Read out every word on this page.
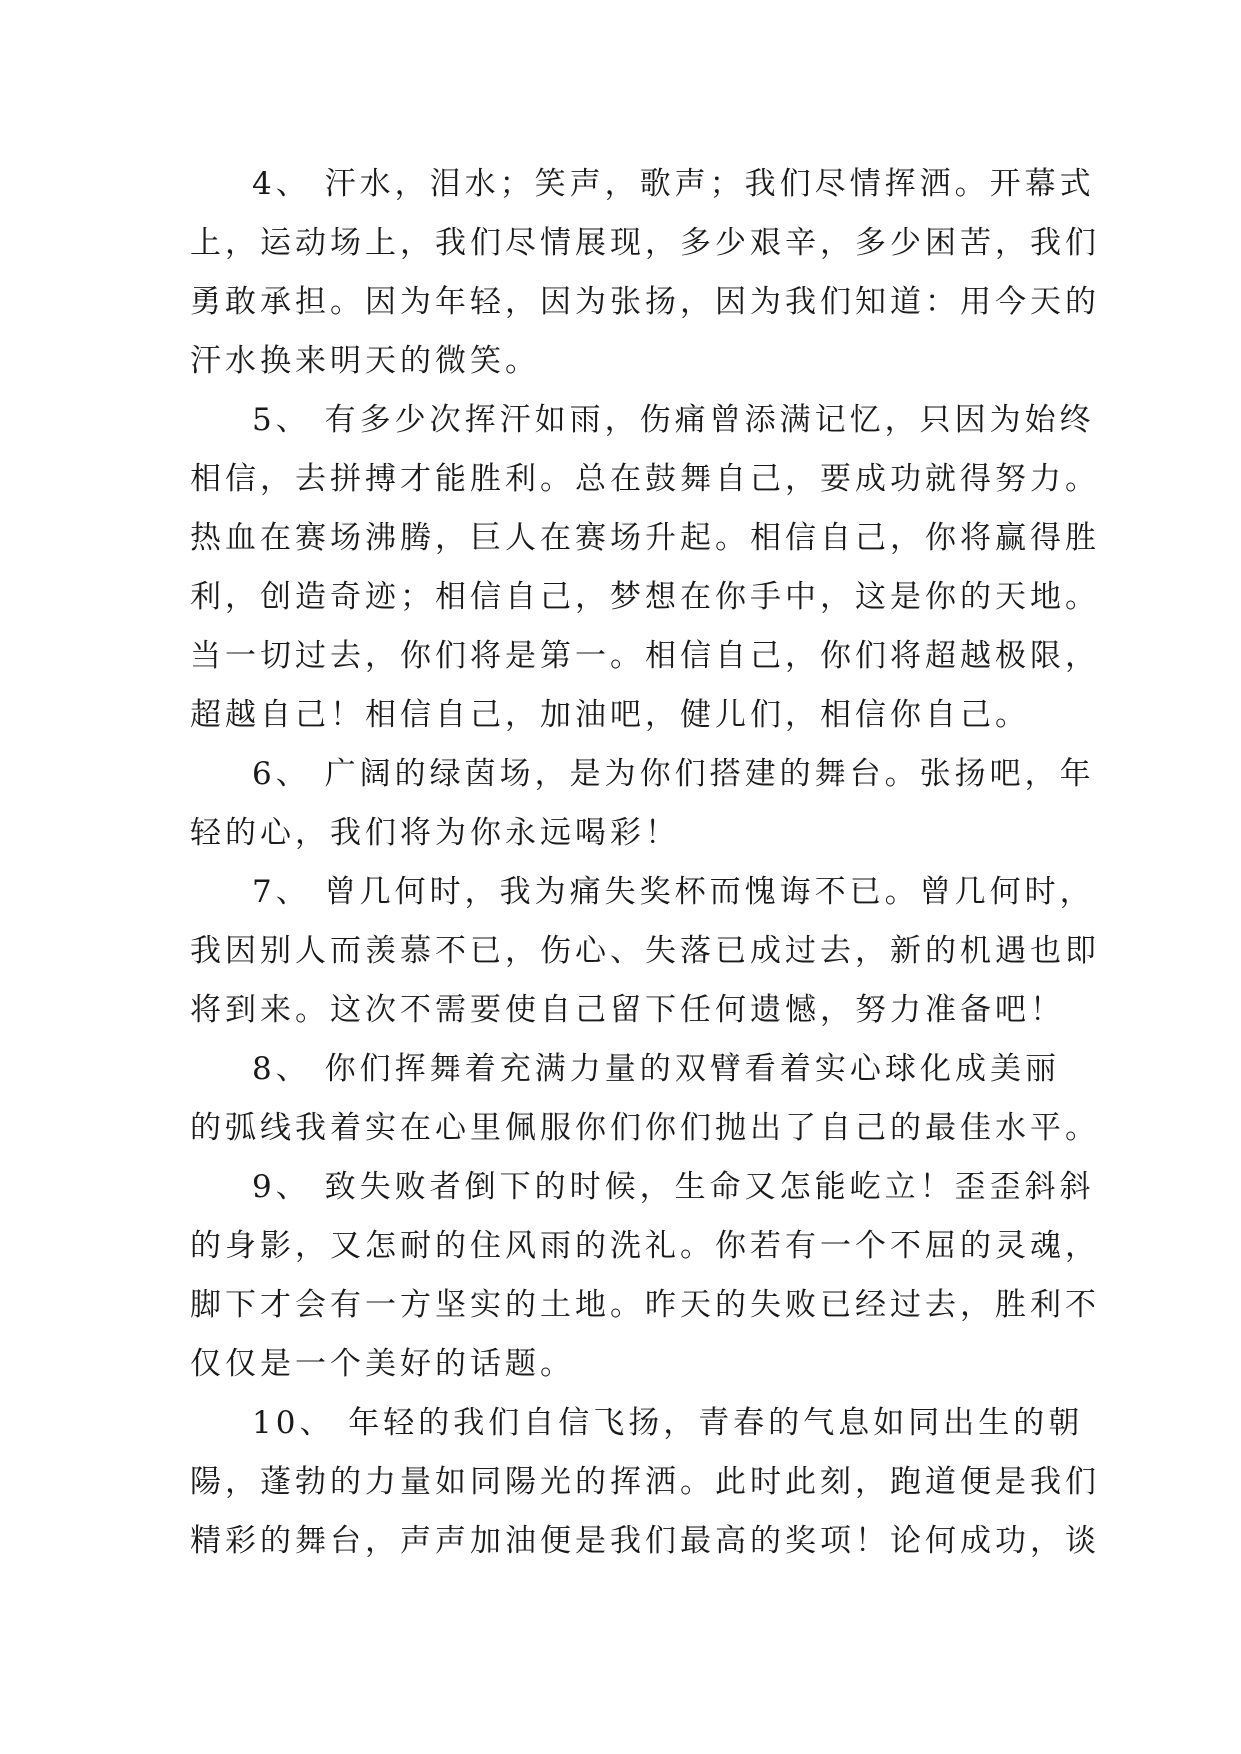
4、 汗水，泪水；笑声，歌声；我们尽情挥洒。开幕式
上，运动场上，我们尽情展现，多少艰辛，多少困苦，我们
勇敢承担。因为年轻，因为张扬，因为我们知道：用今天的
汗水换来明天的微笑。
5、 有多少次挥汗如雨，伤痛曾添满记忆，只因为始终
相信，去拼搏才能胜利。总在鼓舞自己，要成功就得努力。
热血在赛场沸腾，巨人在赛场升起。相信自己，你将赢得胜
利，创造奇迹；相信自己，梦想在你手中，这是你的天地。
当一切过去，你们将是第一。相信自己，你们将超越极限，
超越自己！相信自己，加油吧，健儿们，相信你自己。
6、 广阔的绿茵场，是为你们搭建的舞台。张扬吧，年
轻的心，我们将为你永远喝彩！
7、 曾几何时，我为痛失奖杯而愧诲不已。曾几何时，
我因别人而羡慕不已，伤心、失落已成过去，新的机遇也即
将到来。这次不需要使自己留下任何遗憾，努力准备吧！
8、 你们挥舞着充满力量的双臂看着实心球化成美丽
的弧线我着实在心里佩服你们你们抛出了自己的最佳水平。
9、 致失败者倒下的时候，生命又怎能屹立！歪歪斜斜
的身影，又怎耐的住风雨的洗礼。你若有一个不屈的灵魂，
脚下才会有一方坚实的土地。昨天的失败已经过去，胜利不
仅仅是一个美好的话题。
10、 年轻的我们自信飞扬，青春的气息如同出生的朝
陽，蓬勃的力量如同陽光的挥洒。此时此刻，跑道便是我们
精彩的舞台，声声加油便是我们最高的奖项！论何成功，谈
